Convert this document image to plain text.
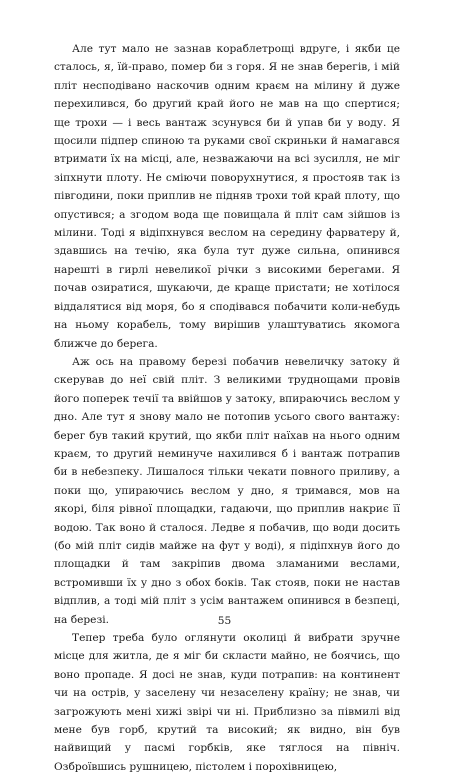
Але тут мало не зазнав кораблетрощі вдруге, і якби це сталось, я, їй-право, помер би з горя. Я не знав берегів, і мій пліт несподівано наскочив одним краєм на мілину й дуже перехилився, бо другий край його не мав на що спертися; ще трохи — і весь вантаж зсунувся би й упав би у воду. Я щосили підпер спиною та руками свої скриньки й намагався втримати їх на місці, але, незважаючи на всі зусилля, не міг зіпхнути плоту. Не сміючи поворухнутися, я простояв так із півгодини, поки приплив не підняв трохи той край плоту, що опустився; а згодом вода ще повищала й пліт сам зійшов із мілини. Тоді я відіпхнувся веслом на середину фарватеру й, здавшись на течію, яка була тут дуже сильна, опинився нарешті в гирлі невеликої річки з високими берегами. Я почав озиратися, шукаючи, де краще пристати; не хотілося віддалятися від моря, бо я сподівався побачити коли-небудь на ньому корабель, тому вирішив улаштуватись якомога ближче до берега.

Аж ось на правому березі побачив невеличку затоку й скерував до неї свій пліт. З великими труднощами провів його поперек течії та ввійшов у затоку, впираючись веслом у дно. Але тут я знову мало не потопив усього свого вантажу: берег був такий крутий, що якби пліт наїхав на нього одним краєм, то другий неминуче нахилився б і вантаж потрапив би в небезпеку. Лишалося тільки чекати повного приливу, а поки що, упираючись веслом у дно, я тримався, мов на якорі, біля рівної площадки, гадаючи, що приплив накриє її водою. Так воно й сталося. Ледве я побачив, що води досить (бо мій пліт сидів майже на фут у воді), я підіпхнув його до площадки й там закріпив двома зламаними веслами, встромивши їх у дно з обох боків. Так стояв, поки не настав відплив, а тоді мій пліт з усім вантажем опинився в безпеці, на березі.

Тепер треба було оглянути околиці й вибрати зручне місце для житла, де я міг би скласти майно, не боячись, що воно пропаде. Я досі не знав, куди потрапив: на континент чи на острів, у заселену чи незаселену країну; не знав, чи загрожують мені хижі звірі чи ні. Приблизно за півмилі від мене був горб, крутий та високий; як видно, він був найвищий у пасмі горбків, яке тяглося на північ. Озброївшись рушницею, пістолем і порохівницею,

55
